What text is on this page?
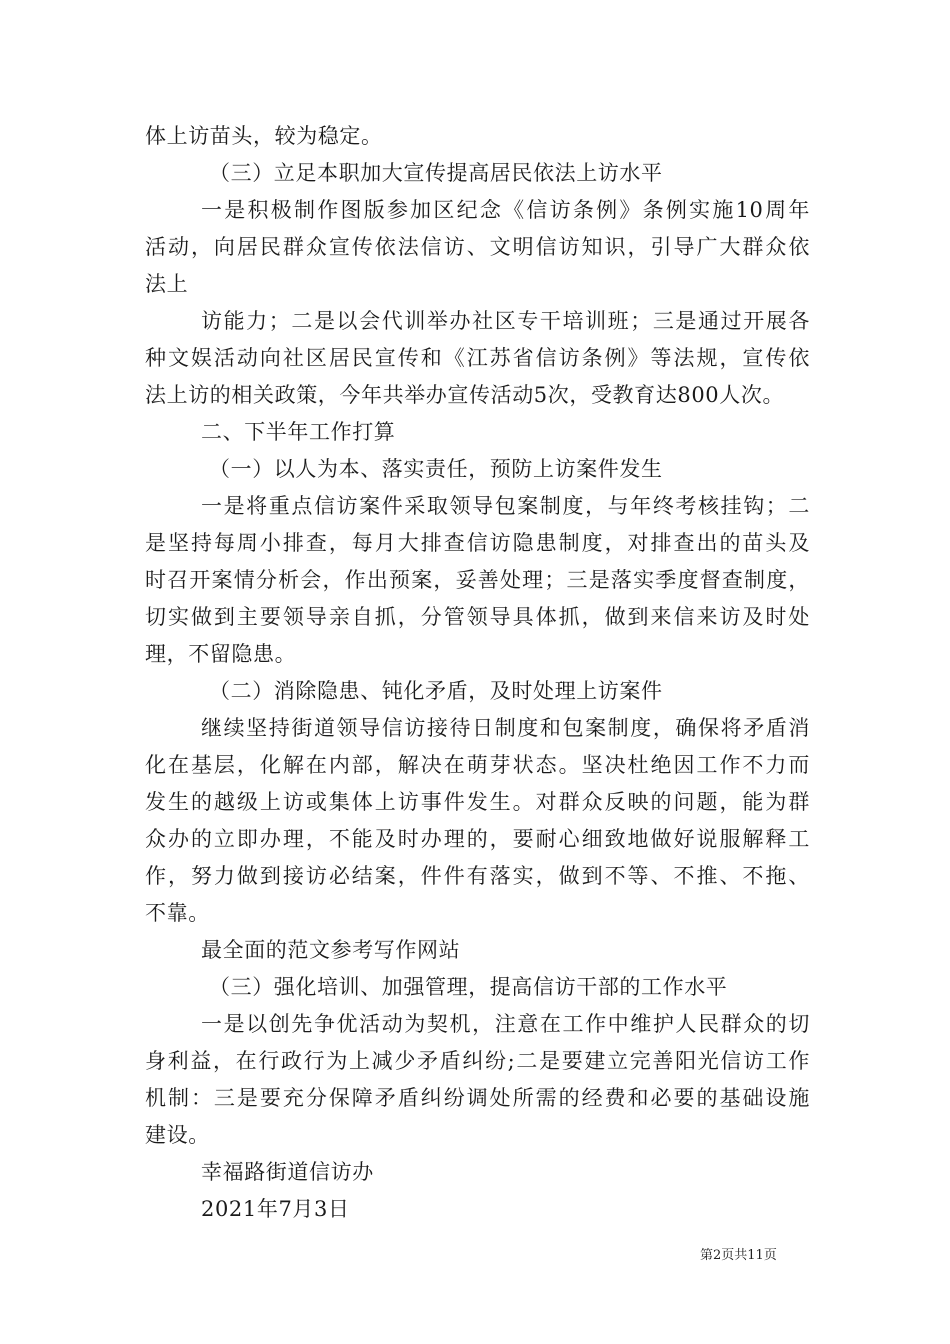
体上访苗头，较为稳定。
（三）立足本职加大宣传提高居民依法上访水平
一是积极制作图版参加区纪念《信访条例》条例实施10周年
活动，向居民群众宣传依法信访、文明信访知识，引导广大群众依
法上
访能力；二是以会代训举办社区专干培训班；三是通过开展各
种文娱活动向社区居民宣传和《江苏省信访条例》等法规，宣传依
法上访的相关政策，今年共举办宣传活动5次，受教育达800人次。
二、下半年工作打算
（一）以人为本、落实责任，预防上访案件发生
一是将重点信访案件采取领导包案制度，与年终考核挂钩；二
是坚持每周小排查，每月大排查信访隐患制度，对排查出的苗头及
时召开案情分析会，作出预案，妥善处理；三是落实季度督查制度，
切实做到主要领导亲自抓，分管领导具体抓，做到来信来访及时处
理，不留隐患。
（二）消除隐患、钝化矛盾，及时处理上访案件
继续坚持街道领导信访接待日制度和包案制度，确保将矛盾消
化在基层，化解在内部，解决在萌芽状态。坚决杜绝因工作不力而
发生的越级上访或集体上访事件发生。对群众反映的问题，能为群
众办的立即办理，不能及时办理的，要耐心细致地做好说服解释工
作，努力做到接访必结案，件件有落实，做到不等、不推、不拖、
不靠。
最全面的范文参考写作网站
（三）强化培训、加强管理，提高信访干部的工作水平
一是以创先争优活动为契机，注意在工作中维护人民群众的切
身利益，在行政行为上减少矛盾纠纷;二是要建立完善阳光信访工作
机制：三是要充分保障矛盾纠纷调处所需的经费和必要的基础设施
建设。
幸福路街道信访办
2021年7月3日
第2页共11页
